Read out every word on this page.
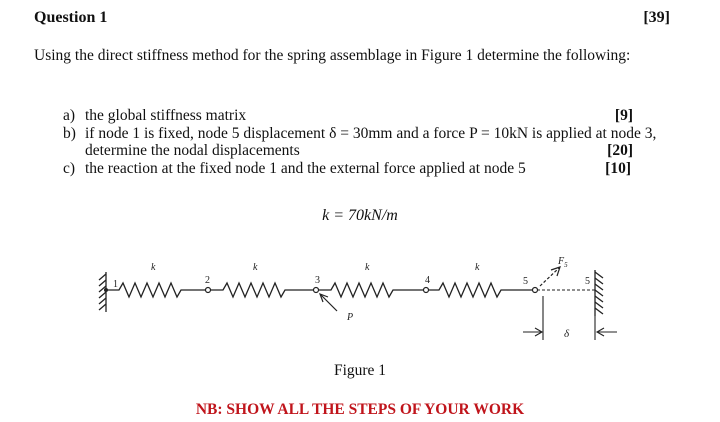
Question 1	[39]
Using the direct stiffness method for the spring assemblage in Figure 1 determine the following:
a) the global stiffness matrix	[9]
b) if node 1 is fixed, node 5 displacement δ = 30mm and a force P = 10kN is applied at node 3, determine the nodal displacements	[20]
c) the reaction at the fixed node 1 and the external force applied at node 5	[10]
k = 70kN/m
1	2	3	4	5
k	k	k	k
P
$F_5$
5
δ
Figure 1
NB: SHOW ALL THE STEPS OF YOUR WORK
